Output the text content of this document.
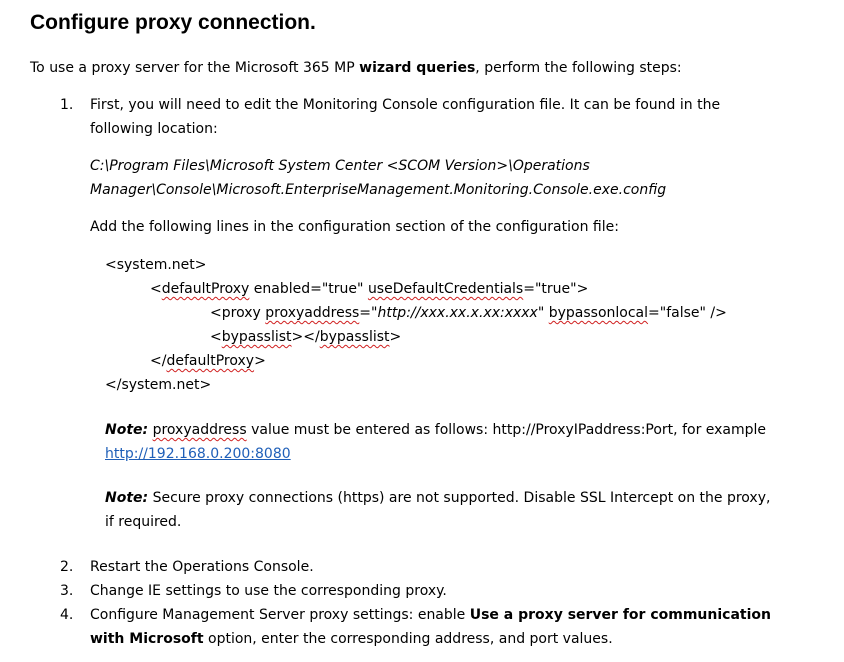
Configure proxy connection.
To use a proxy server for the Microsoft 365 MP wizard queries, perform the following steps:
1. First, you will need to edit the Monitoring Console configuration file. It can be found in the
following location:
C:\Program Files\Microsoft System Center <SCOM Version>\Operations
Manager\Console\Microsoft.EnterpriseManagement.Monitoring.Console.exe.config
Add the following lines in the configuration section of the configuration file:
<system.net>
<defaultProxy enabled="true" useDefaultCredentials="true">
<proxy proxyaddress="http://xxx.xx.x.xx:xxxx" bypassonlocal="false" />
<bypasslist></bypasslist>
</defaultProxy>
</system.net>
Note: proxyaddress value must be entered as follows: http://ProxyIPaddress:Port, for example
http://192.168.0.200:8080
Note: Secure proxy connections (https) are not supported. Disable SSL Intercept on the proxy,
if required.
2. Restart the Operations Console.
3. Change IE settings to use the corresponding proxy.
4. Configure Management Server proxy settings: enable Use a proxy server for communication
with Microsoft option, enter the corresponding address, and port values.
